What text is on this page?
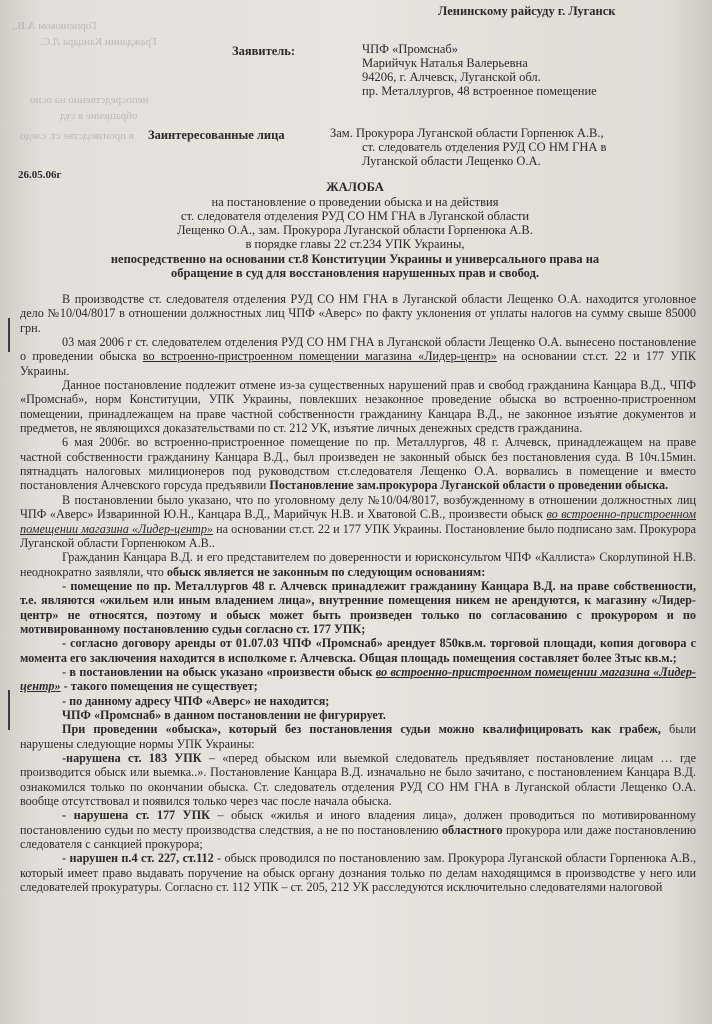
Горпенюком А.В.,
Гражданин Канцара Л.С.
непосредственно на осно
обращение в суд
в производстве ст. следо
Ленинскому райсуду г. Луганск
Заявитель:	ЧПФ «Промснаб»
Марийчук Наталья Валерьевна
94206, г. Алчевск, Луганской обл.
пр. Металлургов, 48 встроенное помещение
Заинтересованные лица	Зам. Прокурора Луганской области Горпенюк А.В.,
ст. следователь отделения РУД СО НМ ГНА в
Луганской области Лещенко О.А.
26.05.06г
ЖАЛОБА
на постановление о проведении обыска и на действия
ст. следователя отделения РУД СО НМ ГНА в Луганской области
Лещенко О.А., зам. Прокурора Луганской области Горпенюка А.В.
в порядке главы 22 ст.234 УПК Украины,
непосредственно на основании ст.8 Конституции Украины и универсального права на
обращение в суд для восстановления нарушенных прав и свобод.

В производстве ст. следователя отделения РУД СО НМ ГНА в Луганской области Лещенко О.А. находится уголовное дело №10/04/8017 в отношении должностных лиц ЧПФ «Аверс» по факту уклонения от уплаты налогов на сумму свыше 85000 грн.

03 мая 2006 г ст. следователем отделения РУД СО НМ ГНА в Луганской области Лещенко О.А. вынесено постановление о проведении обыска во встроенно-пристроенном помещении магазина «Лидер-центр» на основании ст.ст. 22 и 177 УПК Украины.

Данное постановление подлежит отмене из-за существенных нарушений прав и свобод гражданина Канцара В.Д., ЧПФ «Промснаб», норм Конституции, УПК Украины, повлекших незаконное проведение обыска во встроенно-пристроенном помещении, принадлежащем на праве частной собственности гражданину Канцара В.Д., не законное изъятие документов и предметов, не являющихся доказательствами по ст. 212 УК, изъятие личных денежных средств гражданина.

6 мая 2006г. во встроенно-пристроенное помещение по пр. Металлургов, 48 г. Алчевск, принадлежащем на праве частной собственности гражданину Канцара В.Д., был произведен не законный обыск без постановления суда. В 10ч.15мин. пятнадцать налоговых милиционеров под руководством ст.следователя Лещенко О.А. ворвались в помещение и вместо постановления Алчевского горсуда предъявили Постановление зам.прокурора Луганской области о проведении обыска.

В постановлении было указано, что по уголовному делу №10/04/8017, возбужденному в отношении должностных лиц ЧПФ «Аверс» Изваринной Ю.Н., Канцара В.Д., Марийчук Н.В. и Хватовой С.В., произвести обыск во встроенно-пристроенном помещении магазина «Лидер-центр» на основании ст.ст. 22 и 177 УПК Украины. Постановление было подписано зам. Прокурора Луганской области Горпенюком А.В..

Гражданин Канцара В.Д. и его представителем по доверенности и юрисконсультом ЧПФ «Каллиста» Скорлупиной Н.В. неоднократно заявляли, что обыск является не законным по следующим основаниям:

- помещение по пр. Металлургов 48 г. Алчевск принадлежит гражданину Канцара В.Д. на праве собственности, т.е. являются «жильем или иным владением лица», внутренние помещения никем не арендуются, к магазину «Лидер-центр» не относятся, поэтому и обыск может быть произведен только по согласованию с прокурором и по мотивированному постановлению судьи согласно ст. 177 УПК;

- согласно договору аренды от 01.07.03 ЧПФ «Промснаб» арендует 850кв.м. торговой площади, копия договора с момента его заключения находится в исполкоме г. Алчевска. Общая площадь помещения составляет более 3тыс кв.м.;

- в постановлении на обыск указано «произвести обыск во встроенно-пристроенном помещении магазина «Лидер-центр» - такого помещения не существует;

- по данному адресу ЧПФ «Аверс» не находится;

ЧПФ «Промснаб» в данном постановлении не фигурирует.

При проведении «обыска», который без постановления судьи можно квалифицировать как грабеж, были нарушены следующие нормы УПК Украины:

-нарушена ст. 183 УПК – «перед обыском или выемкой следователь предъявляет постановление лицам … где производится обыск или выемка..». Постановление Канцара В.Д. изначально не было зачитано, с постановлением Канцара В.Д. ознакомился только по окончании обыска. Ст. следователь отделения РУД СО НМ ГНА в Луганской области Лещенко О.А. вообще отсутствовал и появился только через час после начала обыска.

- нарушена ст. 177 УПК – обыск «жилья и иного владения лица», должен проводиться по мотивированному постановлению судьи по месту производства следствия, а не по постановлению областного прокурора или даже постановлению следователя с санкцией прокурора;

- нарушен п.4 ст. 227, ст.112 - обыск проводился по постановлению зам. Прокурора Луганской области Горпенюка А.В., который имеет право выдавать поручение на обыск органу дознания только по делам находящимся в производстве у него или следователей прокуратуры. Согласно ст. 112 УПК – ст. 205, 212 УК расследуются исключительно следователями налоговой
